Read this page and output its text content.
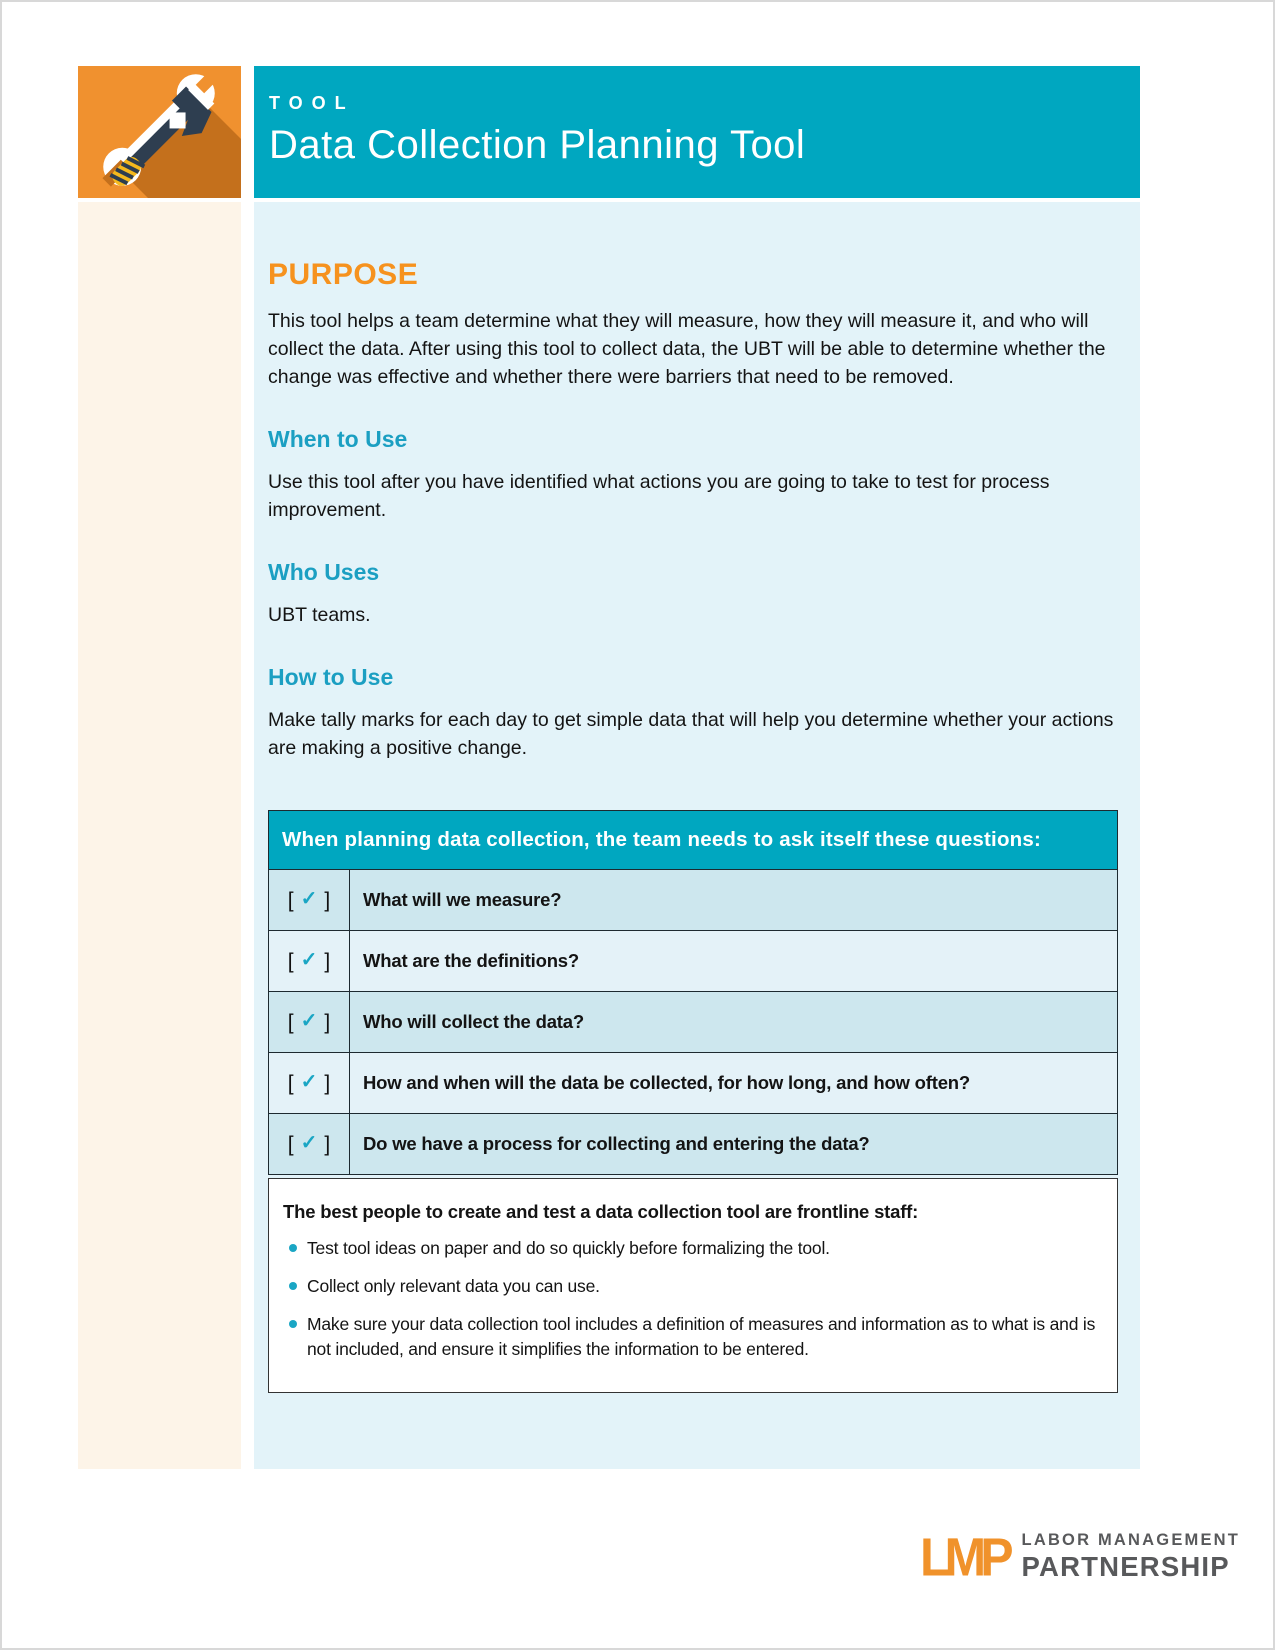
TOOL
Data Collection Planning Tool
PURPOSE

This tool helps a team determine what they will measure, how they will measure it, and who will collect the data. After using this tool to collect data, the UBT will be able to determine whether the change was effective and whether there were barriers that need to be removed.

When to Use

Use this tool after you have identified what actions you are going to take to test for process improvement.

Who Uses

UBT teams.

How to Use

Make tally marks for each day to get simple data that will help you determine whether your actions are making a positive change.

When planning data collection, the team needs to ask itself these questions:	
[ ✓ ]	What will we measure?
[ ✓ ]	What are the definitions?
[ ✓ ]	Who will collect the data?
[ ✓ ]	How and when will the data be collected, for how long, and how often?
[ ✓ ]	Do we have a process for collecting and entering the data?
The best people to create and test a data collection tool are frontline staff:
Test tool ideas on paper and do so quickly before formalizing the tool.
Collect only relevant data you can use.
Make sure your data collection tool includes a definition of measures and information as to what is and is not included, and ensure it simplifies the information to be entered.
LMP LABOR MANAGEMENT
PARTNERSHIP
